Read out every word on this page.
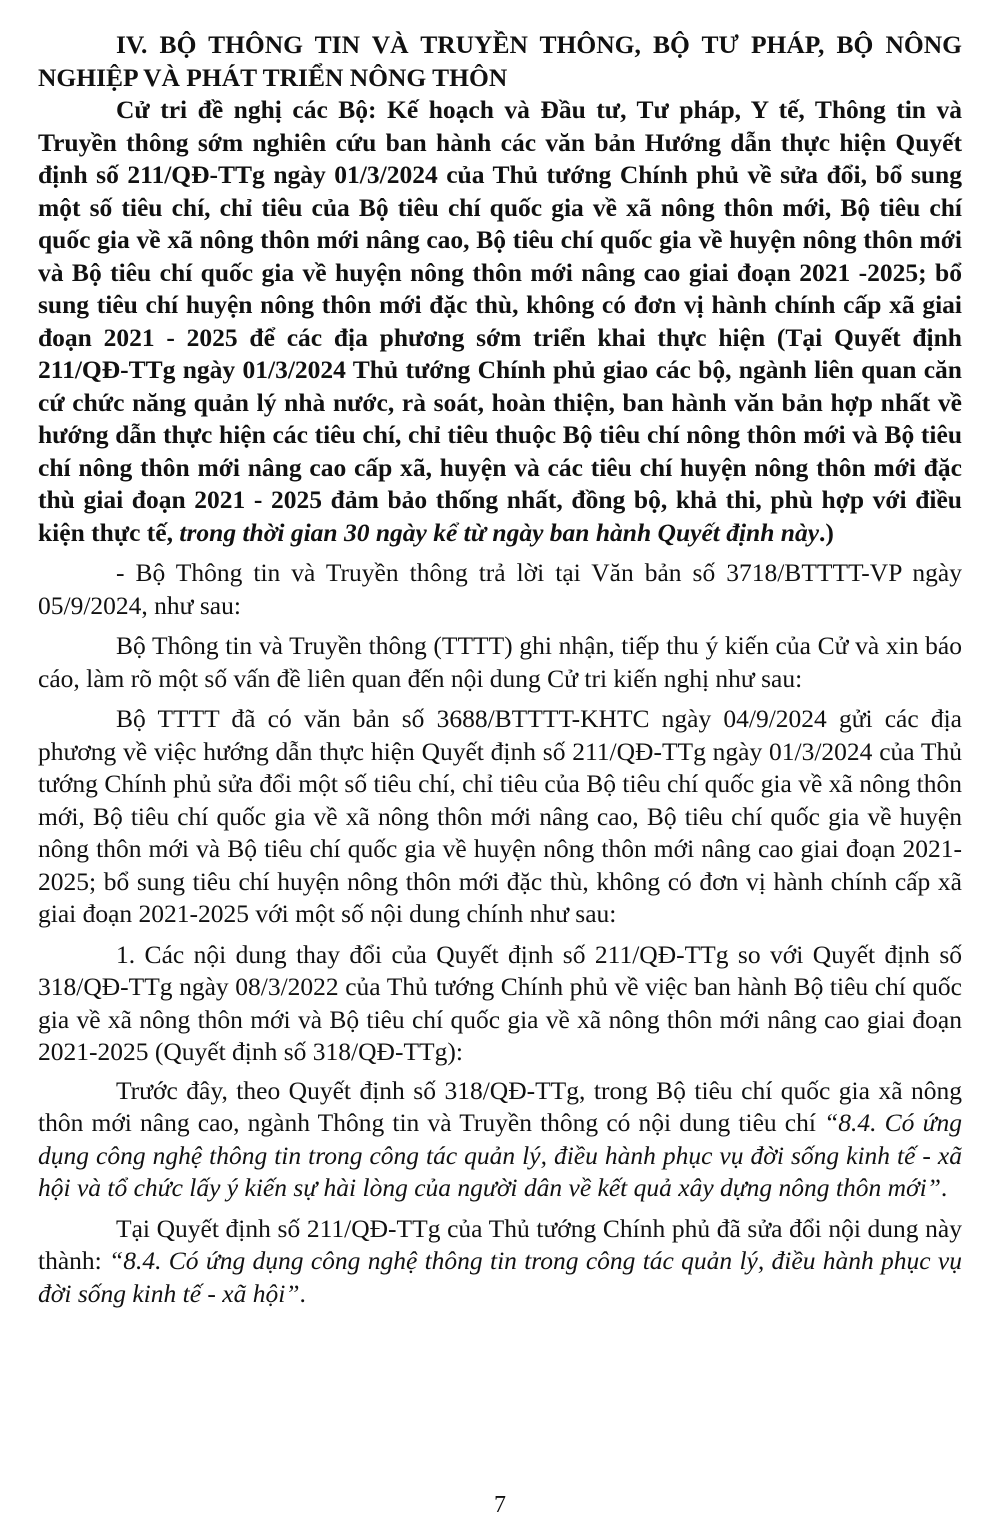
IV. BỘ THÔNG TIN VÀ TRUYỀN THÔNG, BỘ TƯ PHÁP, BỘ NÔNG NGHIỆP VÀ PHÁT TRIỂN NÔNG THÔN

Cử tri đề nghị các Bộ: Kế hoạch và Đầu tư, Tư pháp, Y tế, Thông tin và Truyền thông sớm nghiên cứu ban hành các văn bản Hướng dẫn thực hiện Quyết định số 211/QĐ-TTg ngày 01/3/2024 của Thủ tướng Chính phủ về sửa đổi, bổ sung một số tiêu chí, chỉ tiêu của Bộ tiêu chí quốc gia về xã nông thôn mới, Bộ tiêu chí quốc gia về xã nông thôn mới nâng cao, Bộ tiêu chí quốc gia về huyện nông thôn mới và Bộ tiêu chí quốc gia về huyện nông thôn mới nâng cao giai đoạn 2021 -2025; bổ sung tiêu chí huyện nông thôn mới đặc thù, không có đơn vị hành chính cấp xã giai đoạn 2021 - 2025 để các địa phương sớm triển khai thực hiện (Tại Quyết định 211/QĐ-TTg ngày 01/3/2024 Thủ tướng Chính phủ giao các bộ, ngành liên quan căn cứ chức năng quản lý nhà nước, rà soát, hoàn thiện, ban hành văn bản hợp nhất về hướng dẫn thực hiện các tiêu chí, chỉ tiêu thuộc Bộ tiêu chí nông thôn mới và Bộ tiêu chí nông thôn mới nâng cao cấp xã, huyện và các tiêu chí huyện nông thôn mới đặc thù giai đoạn 2021 - 2025 đảm bảo thống nhất, đồng bộ, khả thi, phù hợp với điều kiện thực tế, trong thời gian 30 ngày kể từ ngày ban hành Quyết định này.)

- Bộ Thông tin và Truyền thông trả lời tại Văn bản số 3718/BTTTT-VP ngày 05/9/2024, như sau:

Bộ Thông tin và Truyền thông (TTTT) ghi nhận, tiếp thu ý kiến của Cử và xin báo cáo, làm rõ một số vấn đề liên quan đến nội dung Cử tri kiến nghị như sau:

Bộ TTTT đã có văn bản số 3688/BTTTT-KHTC ngày 04/9/2024 gửi các địa phương về việc hướng dẫn thực hiện Quyết định số 211/QĐ-TTg ngày 01/3/2024 của Thủ tướng Chính phủ sửa đổi một số tiêu chí, chỉ tiêu của Bộ tiêu chí quốc gia về xã nông thôn mới, Bộ tiêu chí quốc gia về xã nông thôn mới nâng cao, Bộ tiêu chí quốc gia về huyện nông thôn mới và Bộ tiêu chí quốc gia về huyện nông thôn mới nâng cao giai đoạn 2021-2025; bổ sung tiêu chí huyện nông thôn mới đặc thù, không có đơn vị hành chính cấp xã giai đoạn 2021-2025 với một số nội dung chính như sau:

1. Các nội dung thay đổi của Quyết định số 211/QĐ-TTg so với Quyết định số 318/QĐ-TTg ngày 08/3/2022 của Thủ tướng Chính phủ về việc ban hành Bộ tiêu chí quốc gia về xã nông thôn mới và Bộ tiêu chí quốc gia về xã nông thôn mới nâng cao giai đoạn 2021-2025 (Quyết định số 318/QĐ-TTg):

Trước đây, theo Quyết định số 318/QĐ-TTg, trong Bộ tiêu chí quốc gia xã nông thôn mới nâng cao, ngành Thông tin và Truyền thông có nội dung tiêu chí “8.4. Có ứng dụng công nghệ thông tin trong công tác quản lý, điều hành phục vụ đời sống kinh tế - xã hội và tổ chức lấy ý kiến sự hài lòng của người dân về kết quả xây dựng nông thôn mới”.

Tại Quyết định số 211/QĐ-TTg của Thủ tướng Chính phủ đã sửa đổi nội dung này thành: “8.4. Có ứng dụng công nghệ thông tin trong công tác quản lý, điều hành phục vụ đời sống kinh tế - xã hội”.

7
